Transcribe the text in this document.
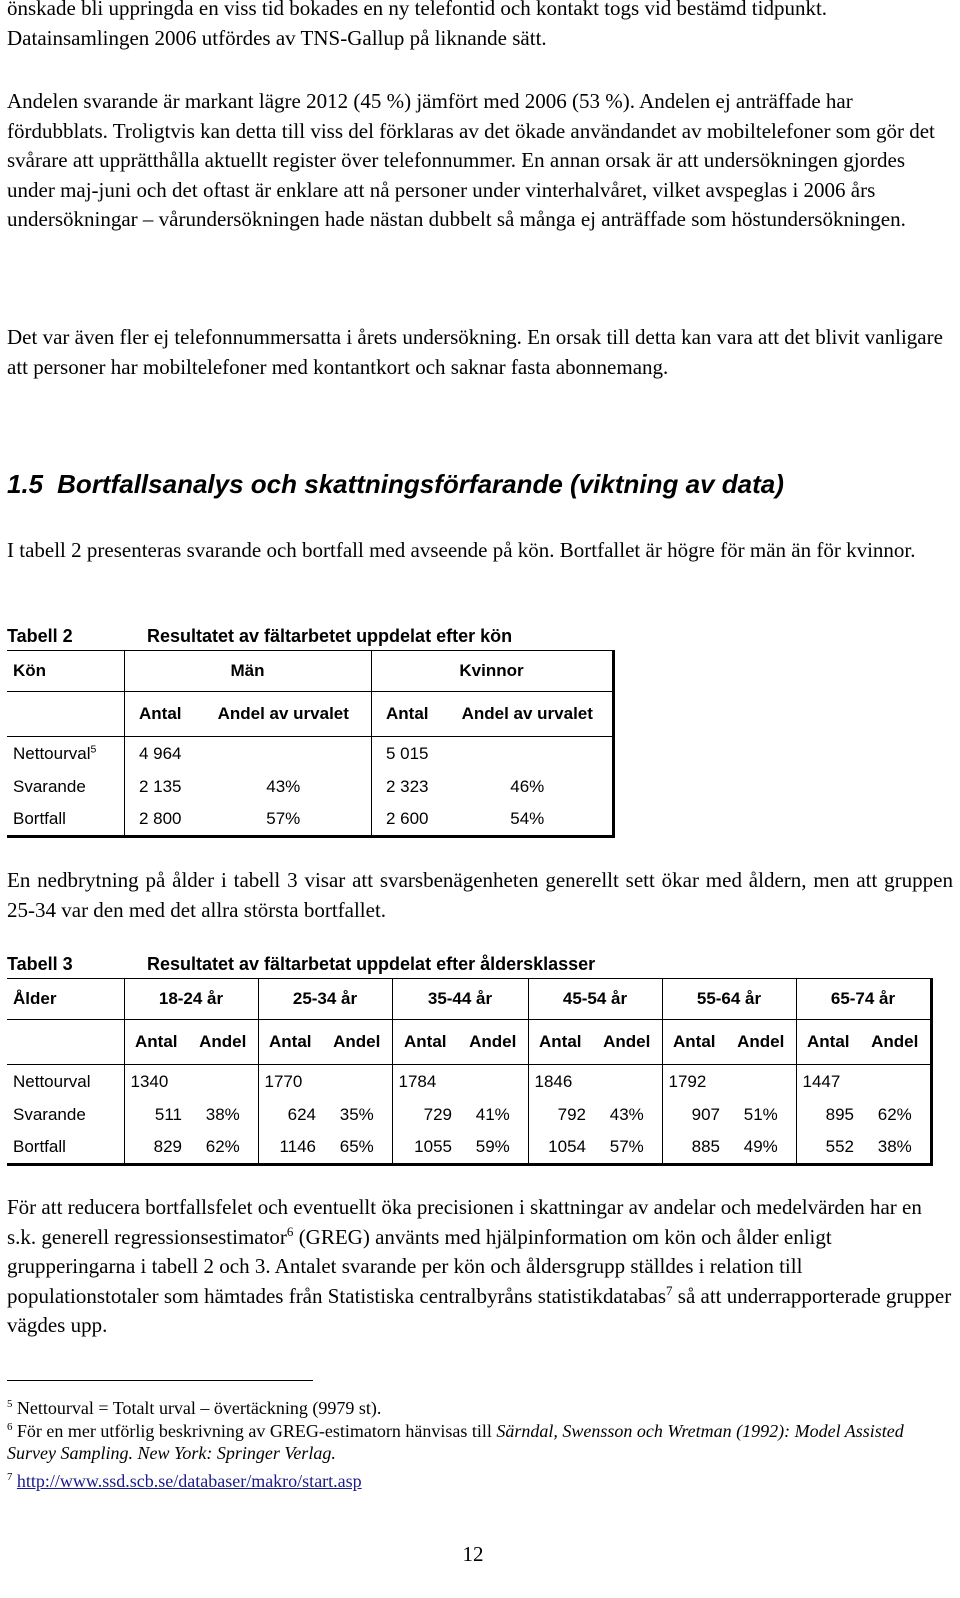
önskade bli uppringda en viss tid bokades en ny telefontid och kontakt togs vid bestämd tidpunkt. Datainsamlingen 2006 utfördes av TNS-Gallup på liknande sätt.

Andelen svarande är markant lägre 2012 (45 %) jämfört med 2006 (53 %). Andelen ej anträffade har fördubblats. Troligtvis kan detta till viss del förklaras av det ökade användandet av mobiltelefoner som gör det svårare att upprätthålla aktuellt register över telefonnummer. En annan orsak är att undersökningen gjordes under maj-juni och det oftast är enklare att nå personer under vinterhalvåret, vilket avspeglas i 2006 års undersökningar – vårundersökningen hade nästan dubbelt så många ej anträffade som höstundersökningen.

Det var även fler ej telefonnummersatta i årets undersökning. En orsak till detta kan vara att det blivit vanligare att personer har mobiltelefoner med kontantkort och saknar fasta abonnemang.

1.5 Bortfallsanalys och skattningsförfarande (viktning av data)

I tabell 2 presenteras svarande och bortfall med avseende på kön. Bortfallet är högre för män än för kvinnor.

Tabell 2	Resultatet av fältarbetet uppdelat efter kön
Kön	Män		Kvinnor	
	Antal	Andel av urvalet	Antal	Andel av urvalet
Nettourval$^5$	4 964		5 015	
Svarande	2 135	43%	2 323	46%
Bortfall	2 800	57%	2 600	54%

En nedbrytning på ålder i tabell 3 visar att svarsbenägenheten generellt sett ökar med åldern, men att gruppen 25-34 var den med det allra största bortfallet.

Tabell 3	Resultatet av fältarbetat uppdelat efter åldersklasser
Ålder	18-24 år		25-34 år		35-44 år		45-54 år		55-64 år		65-74 år	
	Antal	Andel	Antal	Andel	Antal	Andel	Antal	Andel	Antal	Andel	Antal	Andel
Nettourval	1340		1770		1784		1846		1792		1447	
Svarande	511	38%	624	35%	729	41%	792	43%	907	51%	895	62%
Bortfall	829	62%	1146	65%	1055	59%	1054	57%	885	49%	552	38%

För att reducera bortfallsfelet och eventuellt öka precisionen i skattningar av andelar och medelvärden har en s.k. generell regressionsestimator$^6$ (GREG) använts med hjälpinformation om kön och ålder enligt grupperingarna i tabell 2 och 3. Antalet svarande per kön och åldersgrupp ställdes i relation till populationstotaler som hämtades från Statistiska centralbyråns statistikdatabas$^7$ så att underrapporterade grupper vägdes upp.

$^5$ Nettourval = Totalt urval – övertäckning (9979 st).

$^6$ För en mer utförlig beskrivning av GREG-estimatorn hänvisas till Särndal, Swensson och Wretman (1992): Model Assisted Survey Sampling. New York: Springer Verlag.

$^7$ http://www.ssd.scb.se/databaser/makro/start.asp

12
